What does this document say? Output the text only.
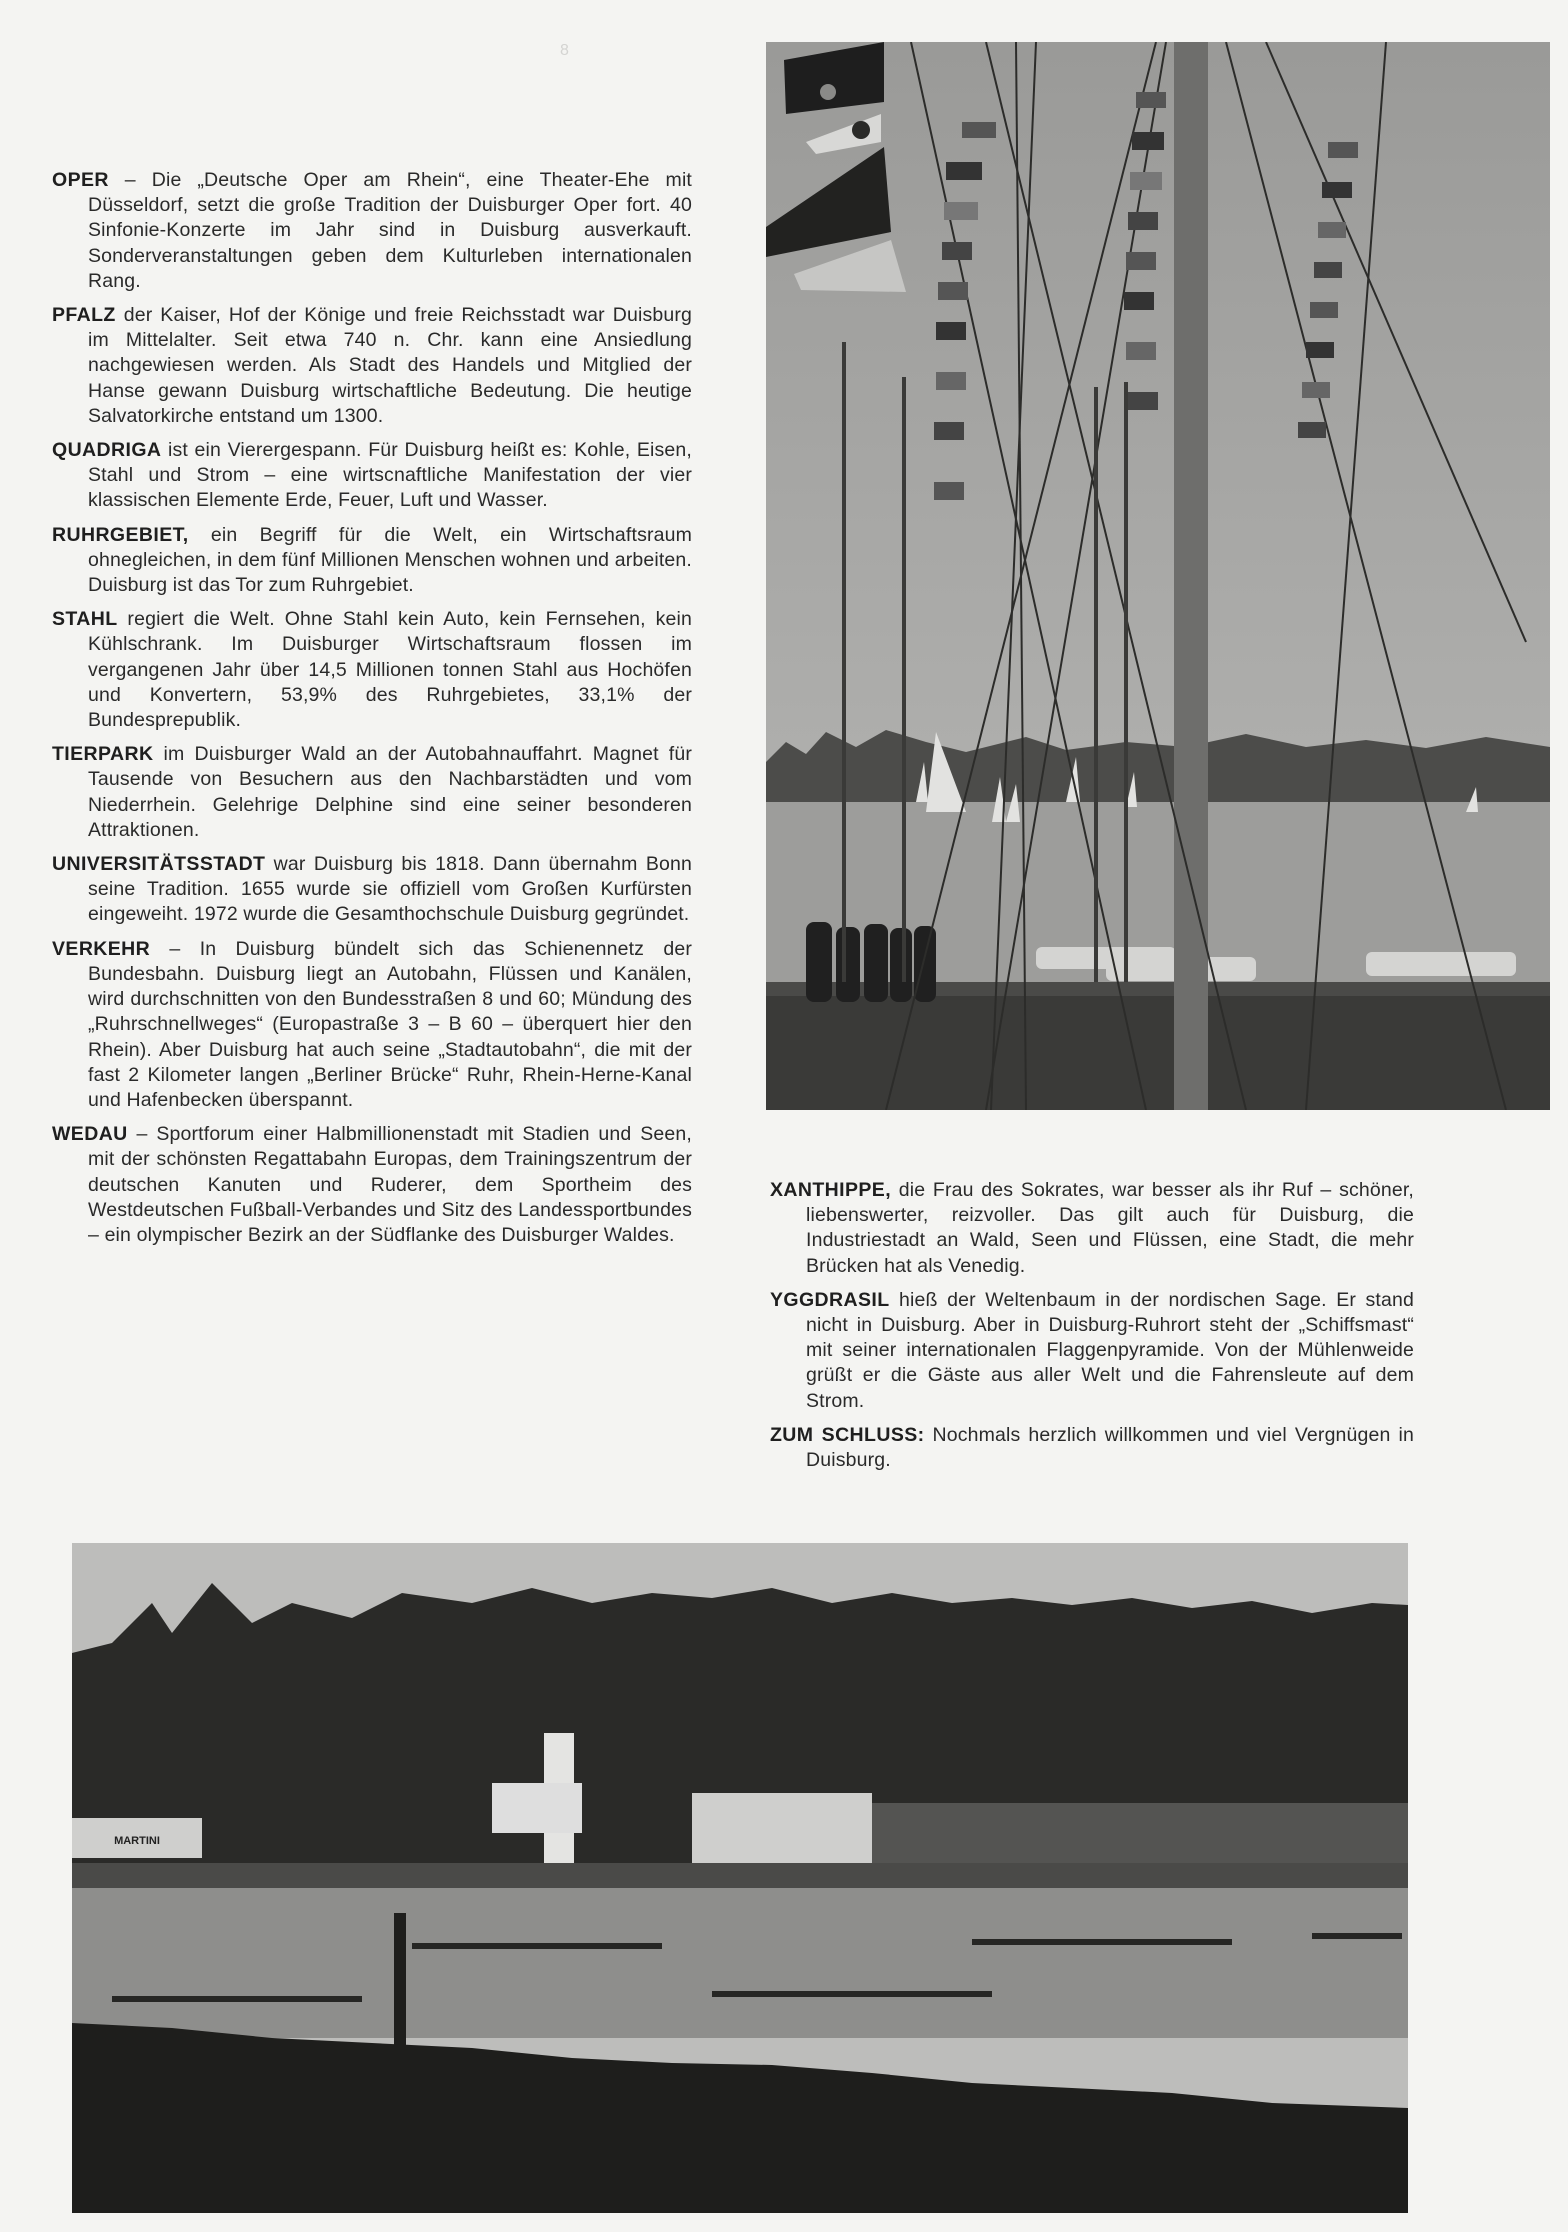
8

OPER – Die „Deutsche Oper am Rhein“, eine Theater-Ehe mit Düsseldorf, setzt die große Tradition der Duisburger Oper fort. 40 Sinfonie-Konzerte im Jahr sind in Duisburg ausverkauft. Sonderveranstaltungen geben dem Kulturleben internationalen Rang.

PFALZ der Kaiser, Hof der Könige und freie Reichsstadt war Duisburg im Mittelalter. Seit etwa 740 n. Chr. kann eine Ansiedlung nachgewiesen werden. Als Stadt des Handels und Mitglied der Hanse gewann Duisburg wirtschaftliche Bedeutung. Die heutige Salvatorkirche entstand um 1300.

QUADRIGA ist ein Vierergespann. Für Duisburg heißt es: Kohle, Eisen, Stahl und Strom – eine wirtscnaftliche Manifestation der vier klassischen Elemente Erde, Feuer, Luft und Wasser.

RUHRGEBIET, ein Begriff für die Welt, ein Wirtschaftsraum ohnegleichen, in dem fünf Millionen Menschen wohnen und arbeiten. Duisburg ist das Tor zum Ruhrgebiet.

STAHL regiert die Welt. Ohne Stahl kein Auto, kein Fernsehen, kein Kühlschrank. Im Duisburger Wirtschaftsraum flossen im vergangenen Jahr über 14,5 Millionen tonnen Stahl aus Hochöfen und Konvertern, 53,9% des Ruhrgebietes, 33,1% der Bundesprepublik.

TIERPARK im Duisburger Wald an der Autobahnauffahrt. Magnet für Tausende von Besuchern aus den Nachbarstädten und vom Niederrhein. Gelehrige Delphine sind eine seiner besonderen Attraktionen.

UNIVERSITÄTSSTADT war Duisburg bis 1818. Dann übernahm Bonn seine Tradition. 1655 wurde sie offiziell vom Großen Kurfürsten eingeweiht. 1972 wurde die Gesamthochschule Duisburg gegründet.

VERKEHR – In Duisburg bündelt sich das Schienennetz der Bundesbahn. Duisburg liegt an Autobahn, Flüssen und Kanälen, wird durchschnitten von den Bundesstraßen 8 und 60; Mündung des „Ruhrschnellweges“ (Europastraße 3 – B 60 – überquert hier den Rhein). Aber Duisburg hat auch seine „Stadtautobahn“, die mit der fast 2 Kilometer langen „Berliner Brücke“ Ruhr, Rhein-Herne-Kanal und Hafenbecken überspannt.

WEDAU – Sportforum einer Halbmillionenstadt mit Stadien und Seen, mit der schönsten Regattabahn Europas, dem Trainingszentrum der deutschen Kanuten und Ruderer, dem Sportheim des Westdeutschen Fußball-Verbandes und Sitz des Landessportbundes – ein olympischer Bezirk an der Südflanke des Duisburger Waldes.

XANTHIPPE, die Frau des Sokrates, war besser als ihr Ruf – schöner, liebenswerter, reizvoller. Das gilt auch für Duisburg, die Industriestadt an Wald, Seen und Flüssen, eine Stadt, die mehr Brücken hat als Venedig.

YGGDRASIL hieß der Weltenbaum in der nordischen Sage. Er stand nicht in Duisburg. Aber in Duisburg-Ruhrort steht der „Schiffsmast“ mit seiner internationalen Flaggenpyramide. Von der Mühlenweide grüßt er die Gäste aus aller Welt und die Fahrensleute auf dem Strom.

ZUM SCHLUSS: Nochmals herzlich willkommen und viel Vergnügen in Duisburg.

MARTINI
